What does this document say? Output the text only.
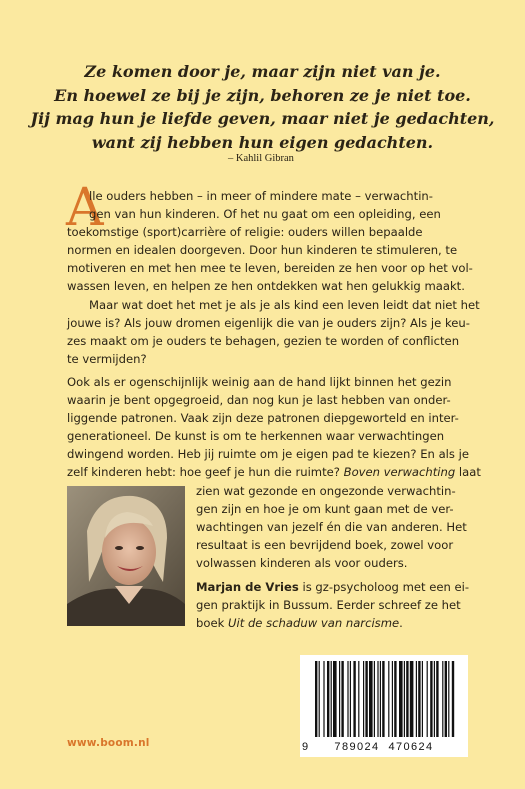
Ze komen door je, maar zijn niet van je.
En hoewel ze bij je zijn, behoren ze je niet toe.
Jij mag hun je liefde geven, maar niet je gedachten,
want zij hebben hun eigen gedachten.
– Kahlil Gibran
A
lle ouders hebben – in meer of mindere mate – verwachtin-
gen van hun kinderen. Of het nu gaat om een opleiding, een
toekomstige (sport)carrière of religie: ouders willen bepaalde
normen en idealen doorgeven. Door hun kinderen te stimuleren, te
motiveren en met hen mee te leven, bereiden ze hen voor op het vol-
wassen leven, en helpen ze hen ontdekken wat hen gelukkig maakt.
Maar wat doet het met je als je als kind een leven leidt dat niet het
jouwe is? Als jouw dromen eigenlijk die van je ouders zijn? Als je keu-
zes maakt om je ouders te behagen, gezien te worden of conflicten
te vermijden?
Ook als er ogenschijnlijk weinig aan de hand lijkt binnen het gezin
waarin je bent opgegroeid, dan nog kun je last hebben van onder-
liggende patronen. Vaak zijn deze patronen diepgeworteld en inter-
generationeel. De kunst is om te herkennen waar verwachtingen
dwingend worden. Heb jij ruimte om je eigen pad te kiezen? En als je
zelf kinderen hebt: hoe geef je hun die ruimte? Boven verwachting laat
zien wat gezonde en ongezonde verwachtin-
gen zijn en hoe je om kunt gaan met de ver-
wachtingen van jezelf én die van anderen. Het
resultaat is een bevrijdend boek, zowel voor
volwassen kinderen als voor ouders.
Marjan de Vries is gz-psycholoog met een ei-
gen praktijk in Bussum. Eerder schreef ze het
boek Uit de schaduw van narcisme.
www.boom.nl	9 789024 470624
